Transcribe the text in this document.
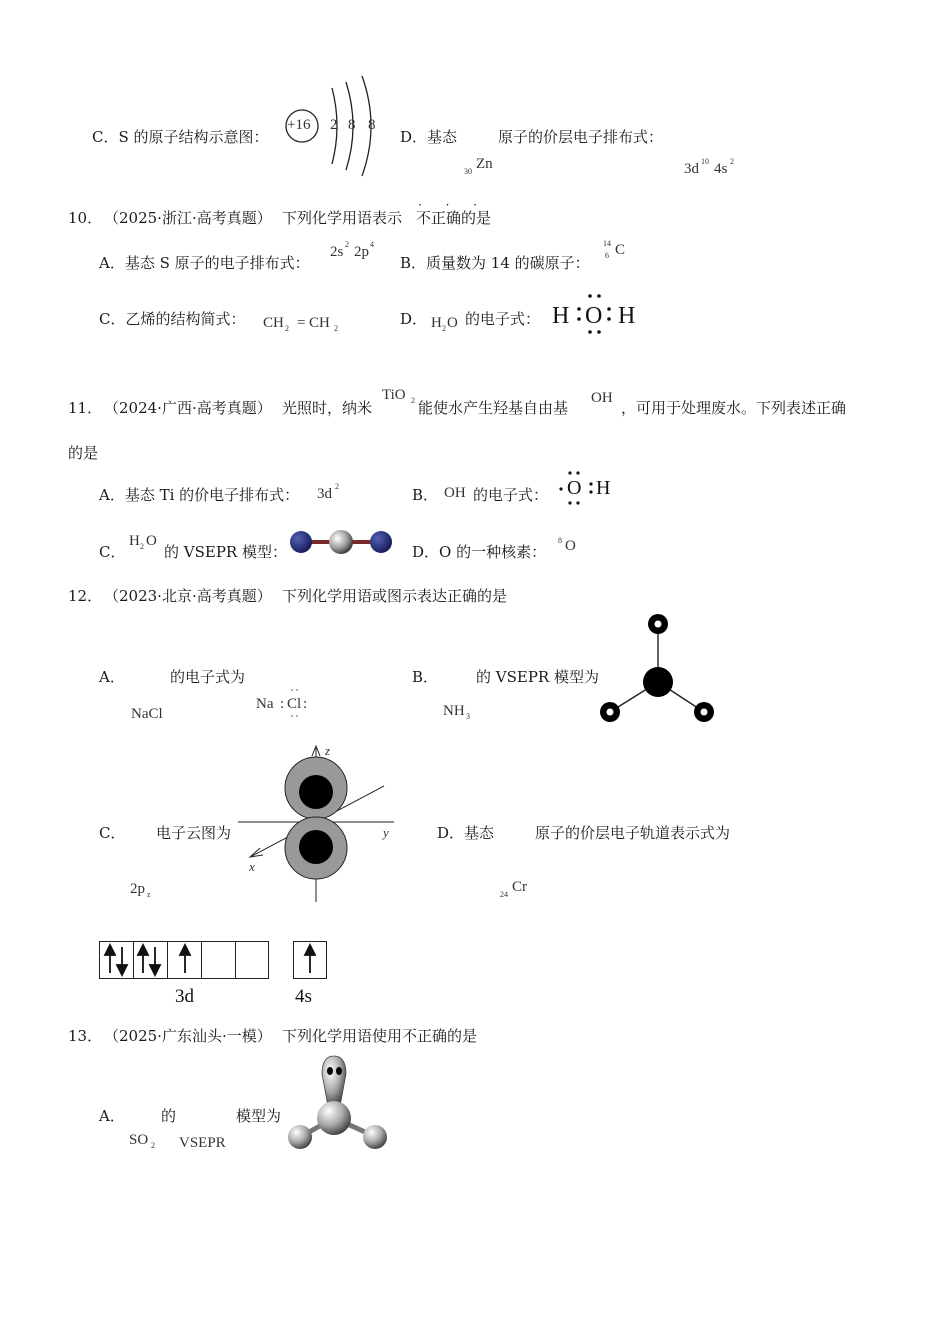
C．S 的原子结构示意图：
+16 2 8 8
D．基态	原子的价层电子排布式：
30 Zn	3d 10 4s 2
10． （2025·浙江·高考真题） 下列化学用语表示 不正确
· · ·
的是
A．基态 S 原子的电子排布式：
2s 2 2p 4
B．质量数为 14 的碳原子：
14
6 C
C．乙烯的结构简式： CH 2 = CH 2
D． H 2 O 的电子式： H O H
11． （2024·广西·高考真题） 光照时，纳米
TiO 2 能使水产生羟基自由基
OH
，可用于处理废水。下列表述正确
的是
A．基态 Ti 的价电子排布式： 3d 2	B． OH 的电子式： O H
C．
H 2 O
的 VSEPR 模型：	D．O 的一种核素：
8 O
12． （2023·北京·高考真题） 下列化学用语或图示表达正确的是
A．	的电子式为
NaCl
Na : Cl :
B．	的 VSEPR 模型为
NH 3
C． 电子云图为
2p z
z
y
x
D．基态	原子的价层电子轨道表示式为
24 Cr
3d	4s
13． （2025·广东汕头·一模） 下列化学用语使用不正确的是
A． 的	模型为
SO 2 VSEPR
